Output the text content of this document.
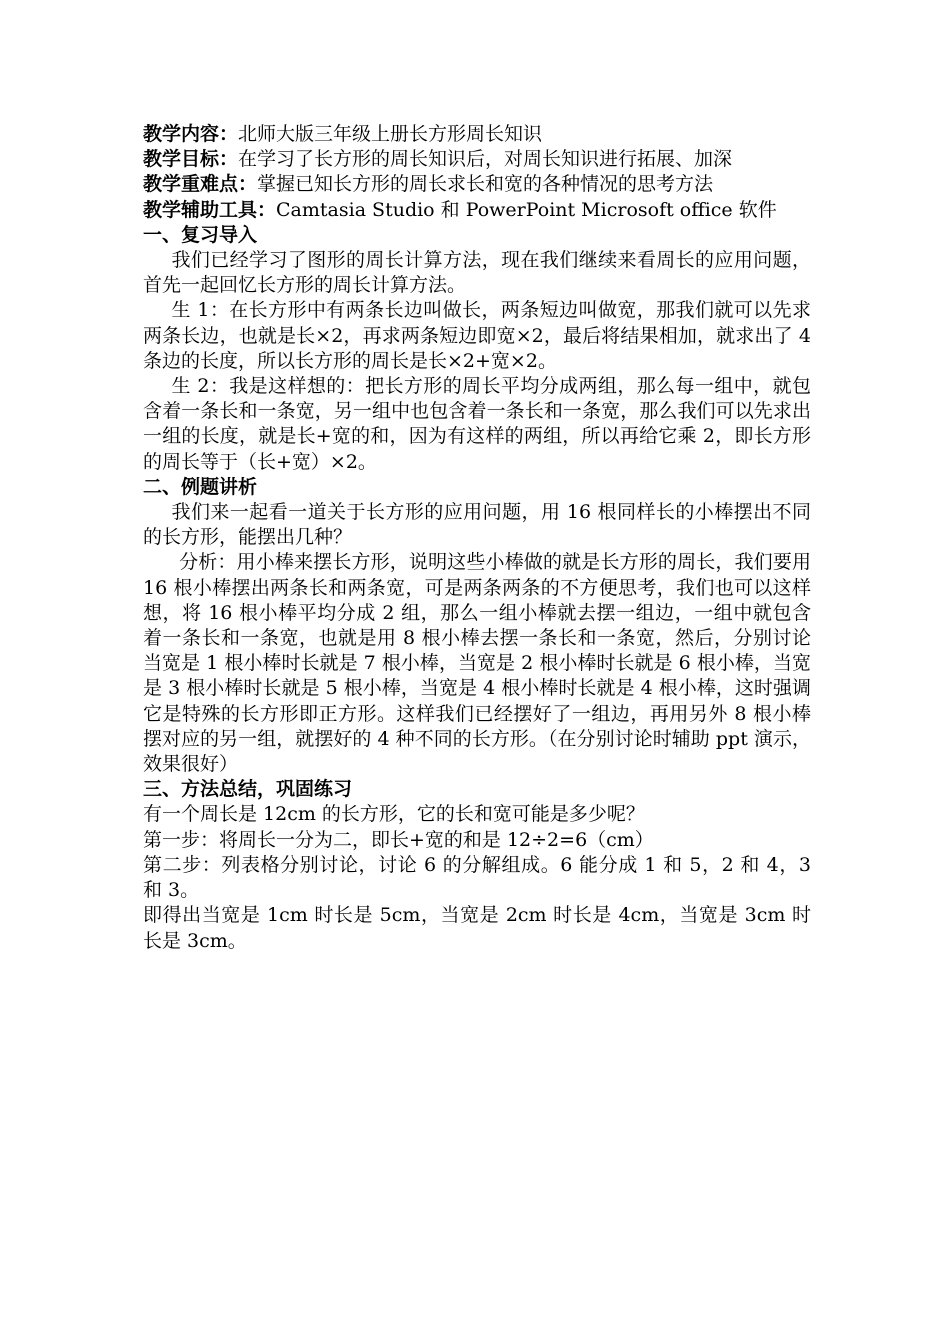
教学内容：北师大版三年级上册长方形周长知识

教学目标： 在学习了长方形的周长知识后，对周长知识进行拓展、加深

教学重难点：掌握已知长方形的周长求长和宽的各种情况的思考方法

教学辅助工具：Camtasia Studio 和 PowerPoint Microsoft office 软件

一、复习导入

我们已经学习了图形的周长计算方法，现在我们继续来看周长的应用问题，首先一起回忆长方形的周长计算方法。

生 1：在长方形中有两条长边叫做长，两条短边叫做宽，那我们就可以先求两条长边，也就是长×2，再求两条短边即宽×2，最后将结果相加，就求出了 4 条边的长度，所以长方形的周长是长×2+宽×2。

生 2：我是这样想的：把长方形的周长平均分成两组，那么每一组中，就包含着一条长和一条宽，另一组中也包含着一条长和一条宽，那么我们可以先求出一组的长度，就是长+宽的和，因为有这样的两组，所以再给它乘 2，即长方形的周长等于（长+宽）×2。

二、例题讲析

我们来一起看一道关于长方形的应用问题，用 16 根同样长的小棒摆出不同的长方形，能摆出几种？

分析：用小棒来摆长方形，说明这些小棒做的就是长方形的周长，我们要用 16 根小棒摆出两条长和两条宽，可是两条两条的不方便思考，我们也可以这样想，将 16 根小棒平均分成 2 组，那么一组小棒就去摆一组边，一组中就包含着一条长和一条宽，也就是用 8 根小棒去摆一条长和一条宽，然后，分别讨论当宽是 1 根小棒时长就是 7 根小棒，当宽是 2 根小棒时长就是 6 根小棒，当宽是 3 根小棒时长就是 5 根小棒，当宽是 4 根小棒时长就是 4 根小棒，这时强调它是特殊的长方形即正方形。这样我们已经摆好了一组边，再用另外 8 根小棒摆对应的另一组，就摆好的 4 种不同的长方形。（在分别讨论时辅助 ppt 演示，效果很好）

三、方法总结，巩固练习

有一个周长是 12cm 的长方形，它的长和宽可能是多少呢？

第一步：将周长一分为二，即长+宽的和是 12÷2=6（cm）

第二步：列表格分别讨论，讨论 6 的分解组成。6 能分成 1 和 5，2 和 4，3 和 3。

即得出当宽是 1cm 时长是 5cm，当宽是 2cm 时长是 4cm，当宽是 3cm 时长是 3cm。
